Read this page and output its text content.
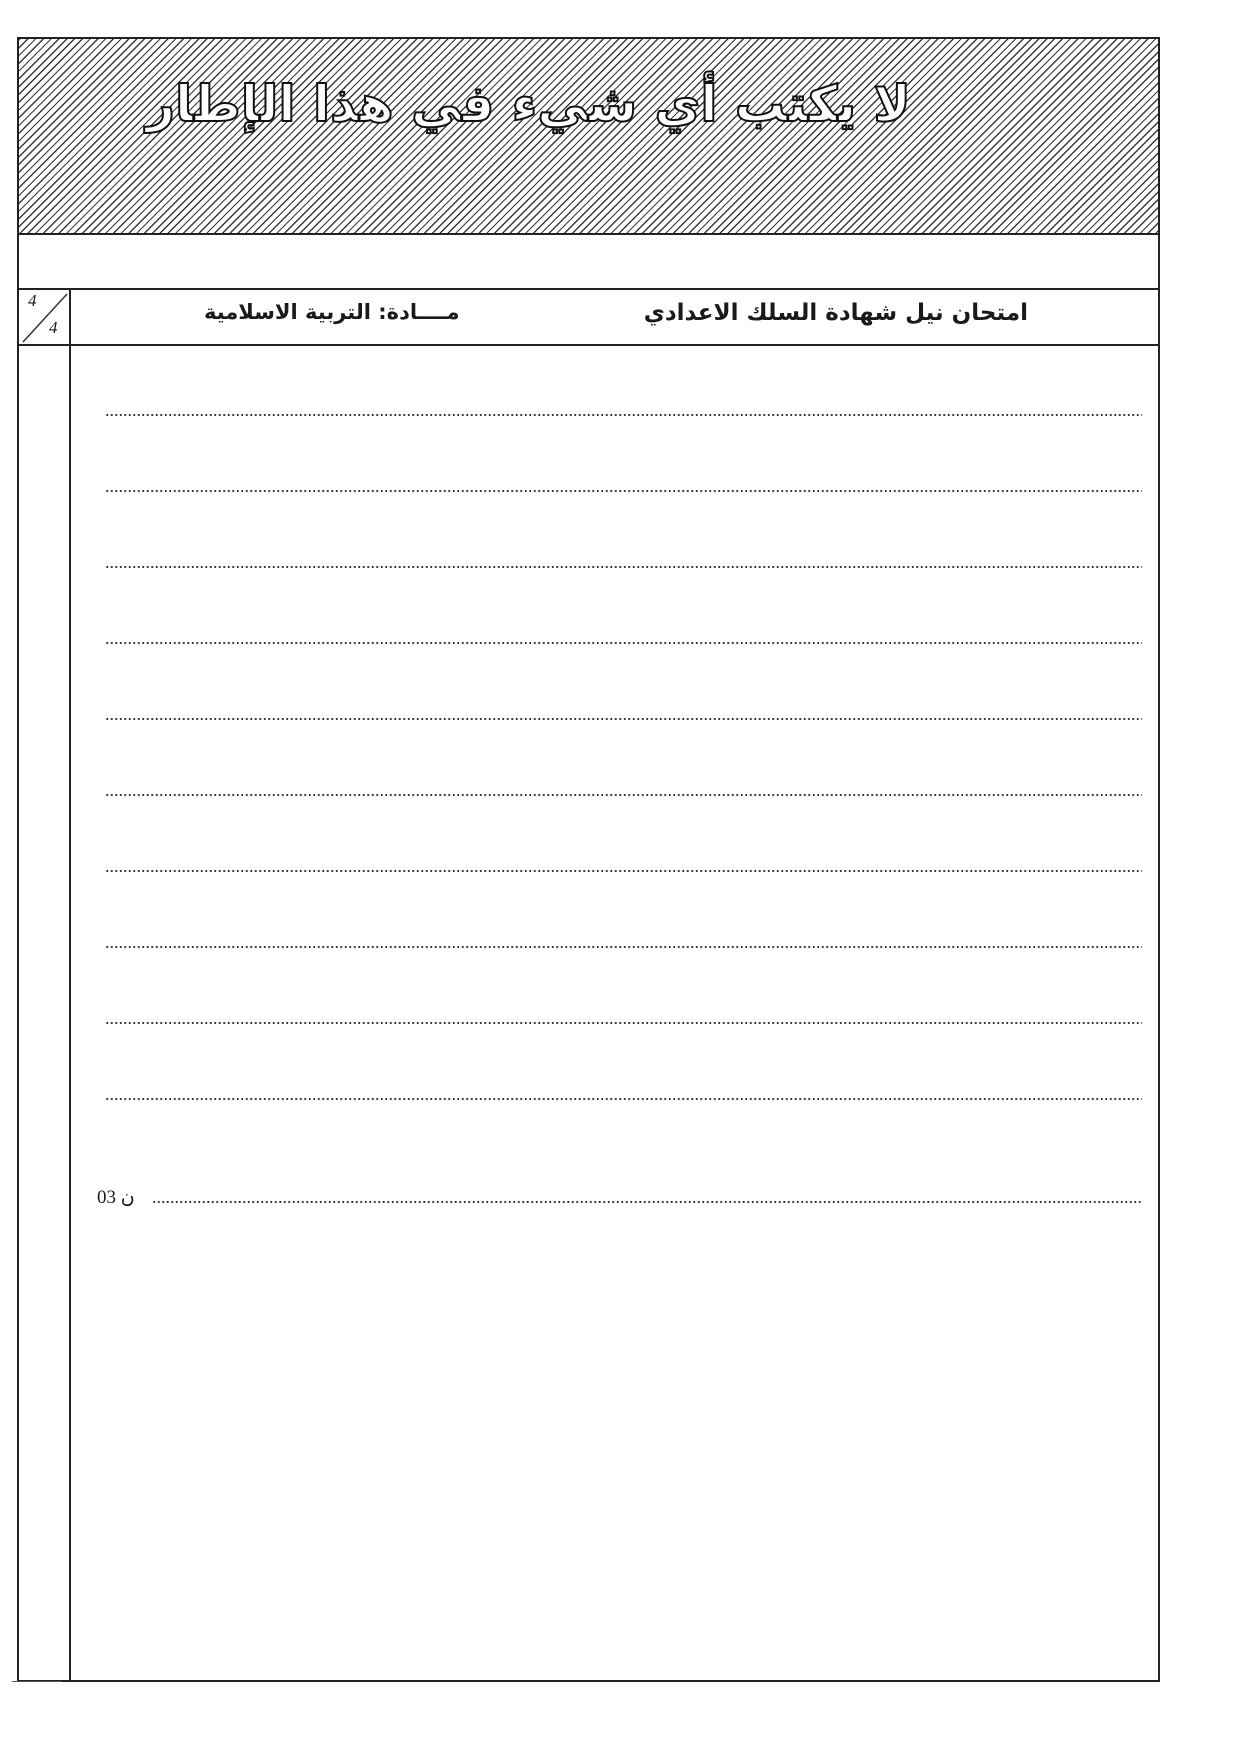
لا يكتب أي شيء في هذا الإطار
4
4
امتحان نيل شهادة السلك الاعدادي
مــــادة: التربية الاسلامية
03 ن
